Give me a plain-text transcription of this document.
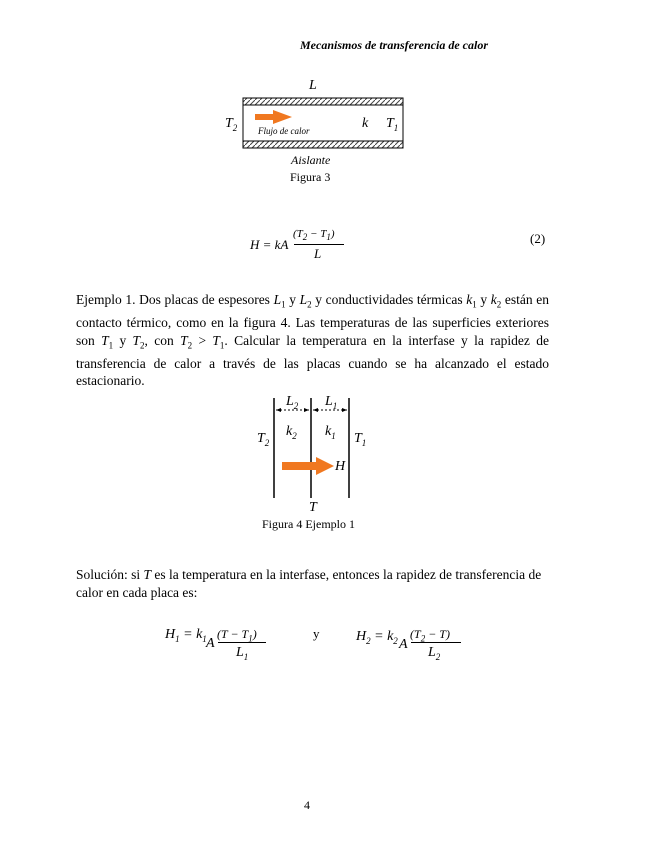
Mecanismos de transferencia de calor
L
$T_2$	k $T_1$
Flujo de calor
Aislante
Figura 3
H = kA
$(T_2 - T_1)$
L
(2)
Ejemplo 1. Dos placas de espesores $L_1$ y $L_2$ y conductividades térmicas $k_1$ y $k_2$ están en contacto térmico, como en la figura 4. Las temperaturas de las superficies exteriores son $T_1$ y $T_2$, con $T_2 > T_1$. Calcular la temperatura en la interfase y la rapidez de transferencia de calor a través de las placas cuando se ha alcanzado el estado estacionario.
$L_2$ $L_1$
$k_2$ $k_1$
$T_2$	$T_1$
H
T
Figura 4 Ejemplo 1
Solución: si T es la temperatura en la interfase, entonces la rapidez de transferencia de calor en cada placa es:
$H_1 = k_1$ A
$(T - T_1)$
$L_1$
y	$H_2 = k_2$ A
$(T_2 - T)$
$L_2$
4
